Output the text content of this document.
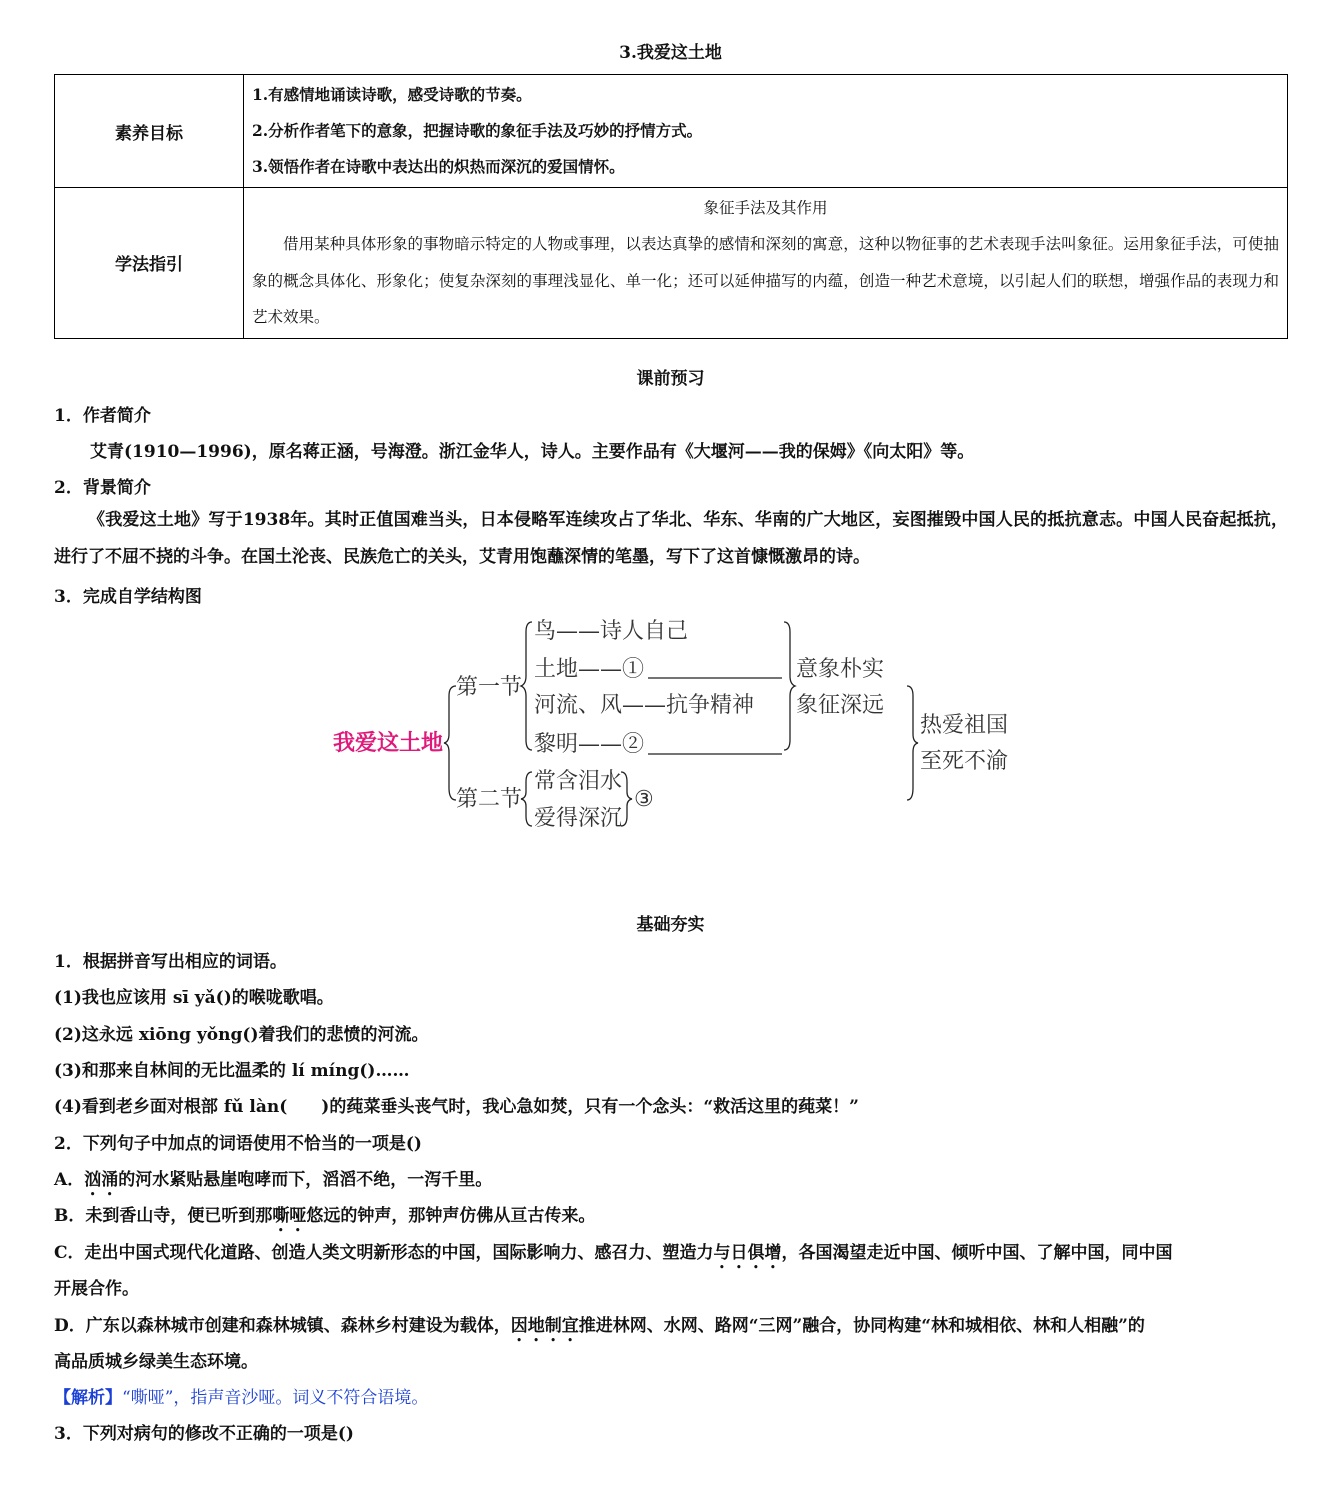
3.我爱这土地
素养目标	1.有感情地诵读诗歌，感受诗歌的节奏。
2.分析作者笔下的意象，把握诗歌的象征手法及巧妙的抒情方式。
3.领悟作者在诗歌中表达出的炽热而深沉的爱国情怀。

学法指引	象征手法及其作用
借用某种具体形象的事物暗示特定的人物或事理，以表达真挚的感情和深刻的寓意，这种以物征事的艺术表现手法叫象征。运用象征手法，可使抽象的概念具体化、形象化；使复杂深刻的事理浅显化、单一化；还可以延伸描写的内蕴，创造一种艺术意境，以引起人们的联想，增强作品的表现力和艺术效果。
课前预习
1．作者简介
艾青(1910—1996)，原名蒋正涵，号海澄。浙江金华人，诗人。主要作品有《大堰河——我的保姆》《向太阳》等。
2．背景简介
《我爱这土地》写于1938年。其时正值国难当头，日本侵略军连续攻占了华北、华东、华南的广大地区，妄图摧毁中国人民的抵抗意志。中国人民奋起抵抗，进行了不屈不挠的斗争。在国土沦丧、民族危亡的关头，艾青用饱蘸深情的笔墨，写下了这首慷慨激昂的诗。
3．完成自学结构图
我爱这土地
第一节
第二节
鸟——诗人自己
土地——①
河流、风——抗争精神
黎明——②
意象朴实
象征深远
常含泪水
爱得深沉
③
热爱祖国
至死不渝
基础夯实
1．根据拼音写出相应的词语。
(1)我也应该用 sī yǎ()的喉咙歌唱。
(2)这永远 xiōng yǒng()着我们的悲愤的河流。
(3)和那来自林间的无比温柔的 lí míng()……
(4)看到老乡面对根部 fǔ làn(　　)的莼菜垂头丧气时，我心急如焚，只有一个念头：“救活这里的莼菜！”
2．下列句子中加点的词语使用不恰当的一项是()
A．汹涌的河水紧贴悬崖咆哮而下，滔滔不绝，一泻千里。
B．未到香山寺，便已听到那嘶哑悠远的钟声，那钟声仿佛从亘古传来。
C．走出中国式现代化道路、创造人类文明新形态的中国，国际影响力、感召力、塑造力与日俱增，各国渴望走近中国、倾听中国、了解中国，同中国
开展合作。
D．广东以森林城市创建和森林城镇、森林乡村建设为载体，因地制宜推进林网、水网、路网“三网”融合，协同构建“林和城相依、林和人相融”的
高品质城乡绿美生态环境。
【解析】“嘶哑”，指声音沙哑。词义不符合语境。
3．下列对病句的修改不正确的一项是()
